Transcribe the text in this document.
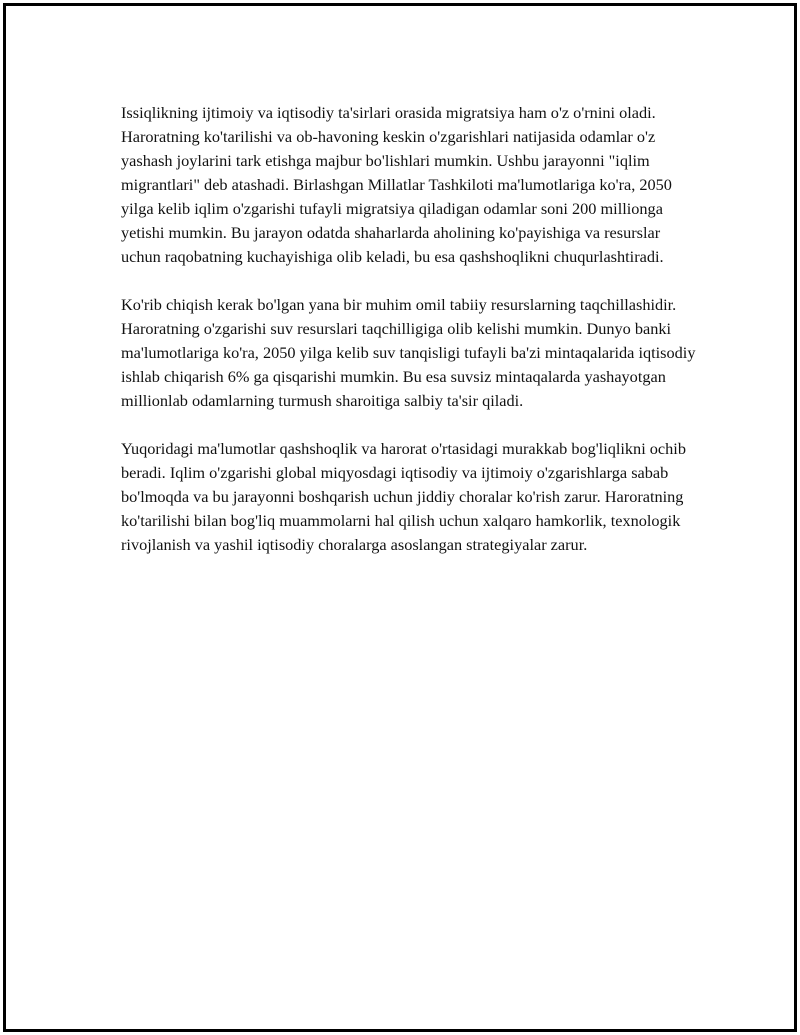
Issiqlikning ijtimoiy va iqtisodiy ta'sirlari orasida migratsiya ham o'z o'rnini oladi. Haroratning ko'tarilishi va ob-havoning keskin o'zgarishlari natijasida odamlar o'z yashash joylarini tark etishga majbur bo'lishlari mumkin. Ushbu jarayonni "iqlim migrantlari" deb atashadi. Birlashgan Millatlar Tashkiloti ma'lumotlariga ko'ra, 2050 yilga kelib iqlim o'zgarishi tufayli migratsiya qiladigan odamlar soni 200 millionga yetishi mumkin. Bu jarayon odatda shaharlarda aholining ko'payishiga va resurslar uchun raqobatning kuchayishiga olib keladi, bu esa qashshoqlikni chuqurlashtiradi.

Ko'rib chiqish kerak bo'lgan yana bir muhim omil tabiiy resurslarning taqchillashidir. Haroratning o'zgarishi suv resurslari taqchilligiga olib kelishi mumkin. Dunyo banki ma'lumotlariga ko'ra, 2050 yilga kelib suv tanqisligi tufayli ba'zi mintaqalarida iqtisodiy ishlab chiqarish 6% ga qisqarishi mumkin. Bu esa suvsiz mintaqalarda yashayotgan millionlab odamlarning turmush sharoitiga salbiy ta'sir qiladi.

Yuqoridagi ma'lumotlar qashshoqlik va harorat o'rtasidagi murakkab bog'liqlikni ochib beradi. Iqlim o'zgarishi global miqyosdagi iqtisodiy va ijtimoiy o'zgarishlarga sabab bo'lmoqda va bu jarayonni boshqarish uchun jiddiy choralar ko'rish zarur. Haroratning ko'tarilishi bilan bog'liq muammolarni hal qilish uchun xalqaro hamkorlik, texnologik rivojlanish va yashil iqtisodiy choralarga asoslangan strategiyalar zarur.
